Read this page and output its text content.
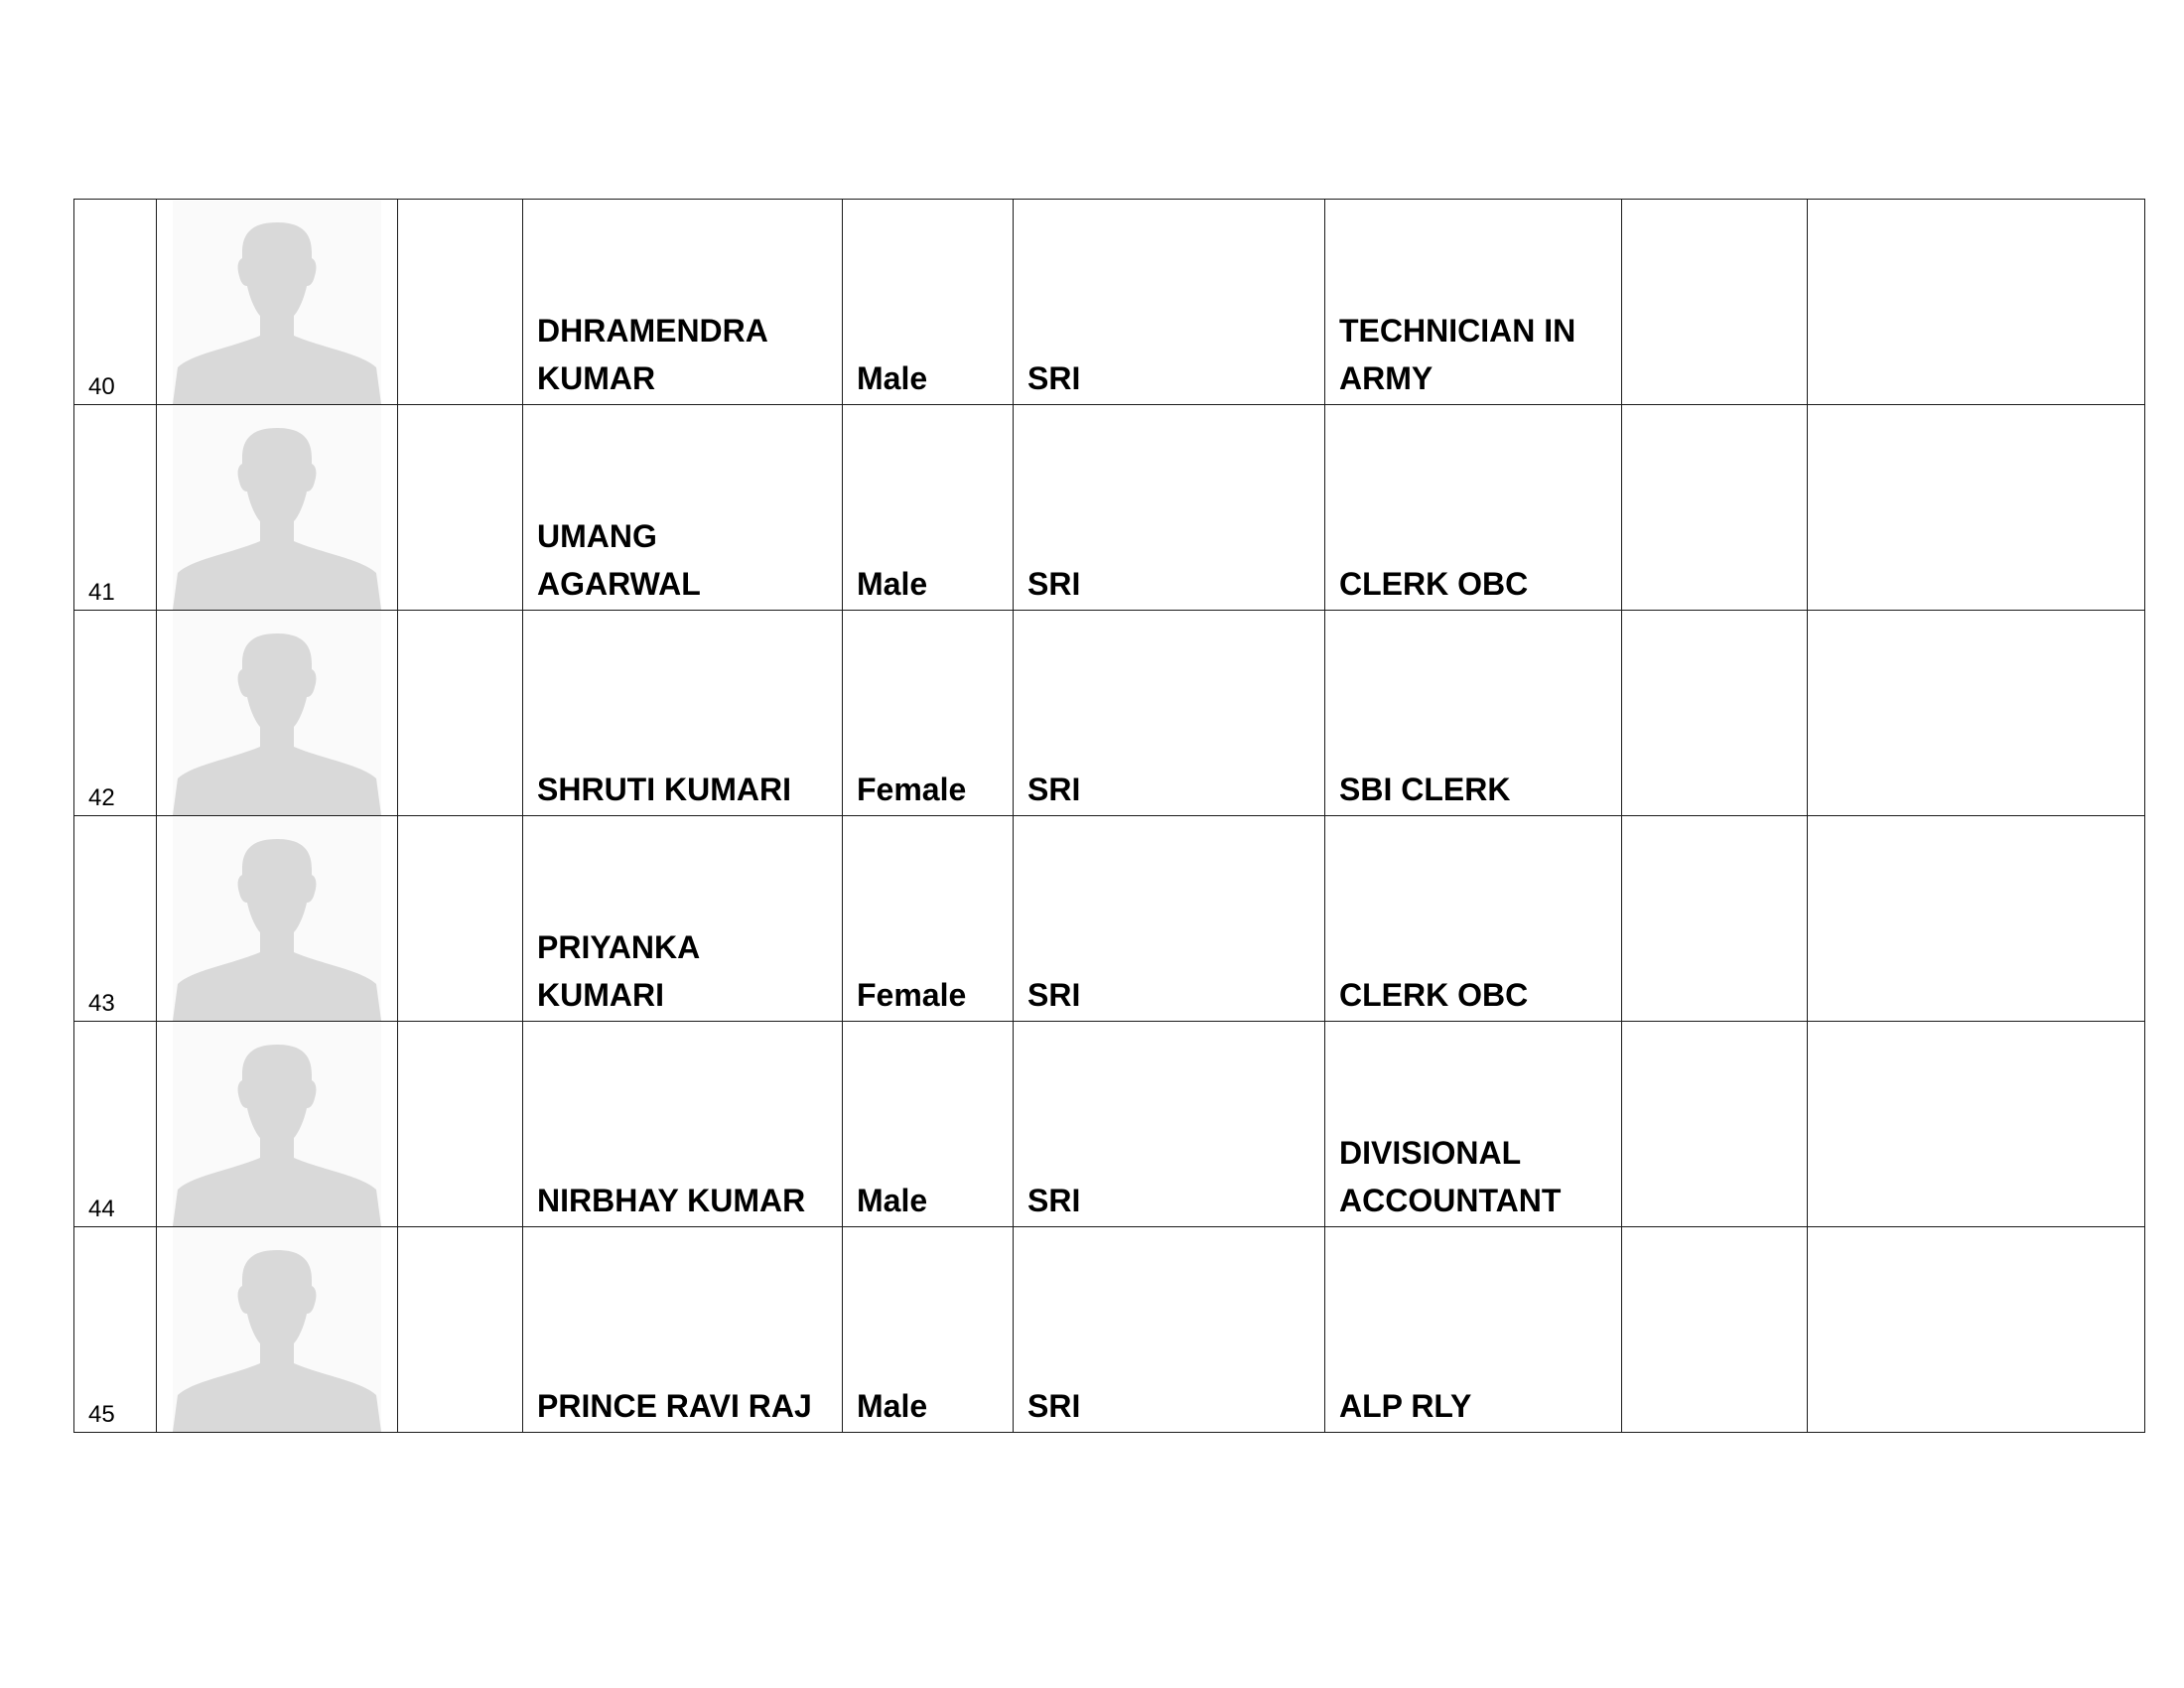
40			DHRAMENDRA
KUMAR	Male	SRI	TECHNICIAN IN
ARMY		

41			UMANG
AGARWAL	Male	SRI	CLERK OBC		

42			SHRUTI KUMARI	Female	SRI	SBI CLERK		

43			PRIYANKA
KUMARI	Female	SRI	CLERK OBC		

44			NIRBHAY KUMAR	Male	SRI	DIVISIONAL
ACCOUNTANT		

45			PRINCE RAVI RAJ	Male	SRI	ALP RLY		
